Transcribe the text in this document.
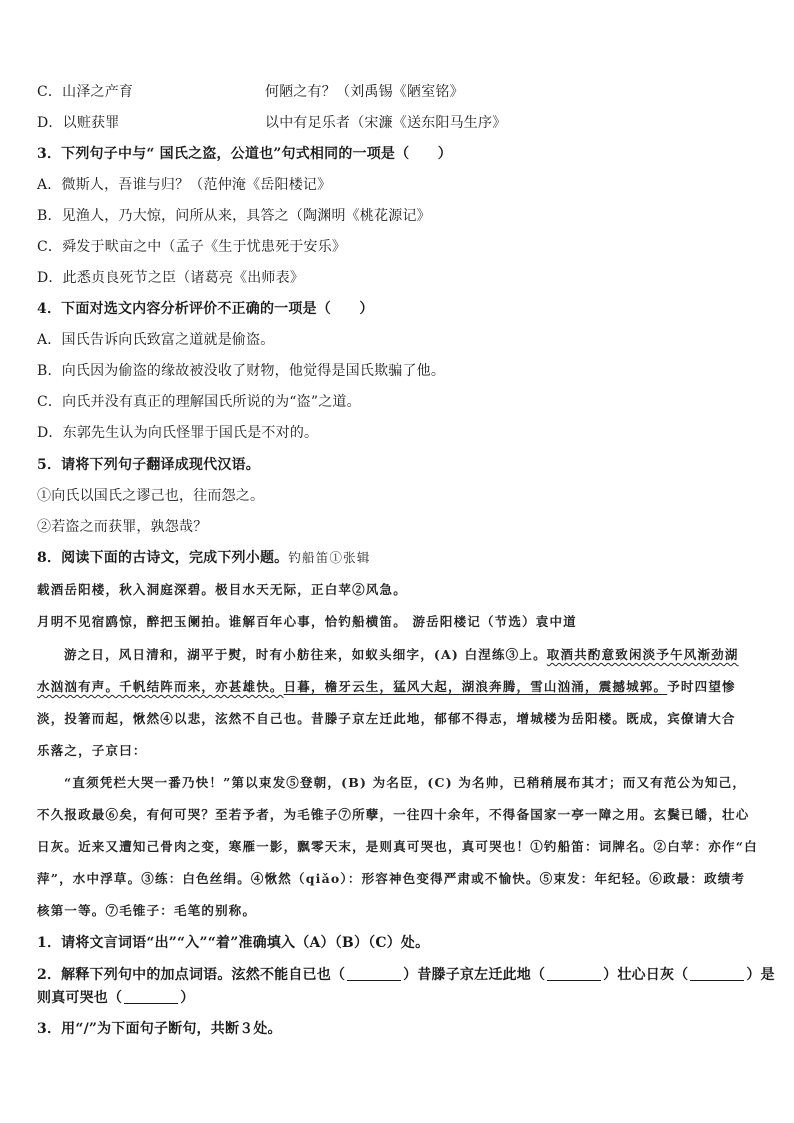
C．山泽之产育	何陋之有？（刘禹锡《陋室铭》
D．以赃获罪	以中有足乐者（宋濂《送东阳马生序》
3．下列句子中与“ 国氏之盗，公道也”句式相同的一项是（　　）
A．微斯人，吾谁与归？（范仲淹《岳阳楼记》
B．见渔人，乃大惊，问所从来，具答之（陶渊明《桃花源记》
C．舜发于畎亩之中（孟子《生于忧患死于安乐》
D．此悉贞良死节之臣（诸葛亮《出师表》
4．下面对选文内容分析评价不正确的一项是（　　）
A．国氏告诉向氏致富之道就是偷盗。
B．向氏因为偷盗的缘故被没收了财物，他觉得是国氏欺骗了他。
C．向氏并没有真正的理解国氏所说的为“盗”之道。
D．东郭先生认为向氏怪罪于国氏是不对的。
5．请将下列句子翻译成现代汉语。
①向氏以国氏之谬己也，往而怨之。
②若盗之而获罪，孰怨哉？
8．阅读下面的古诗文，完成下列小题。钓船笛①张辑
载酒岳阳楼，秋入洞庭深碧。极目水天无际，正白苹②风急。
月明不见宿鸥惊，醉把玉阑拍。谁解百年心事，恰钓船横笛。 游岳阳楼记（节选）袁中道
游之日，风日清和，湖平于熨，时有小舫往来，如蚁头细字，(A) 白涅练③上。取酒共酌意致闲淡予午风渐劲湖
水汹汹有声。千帆结阵而来，亦甚雄快。日暮，檐牙云生，猛风大起，湖浪奔腾，雪山汹涌，震撼城郭。予时四望惨
淡，投箸而起，愀然④以悲，泫然不自己也。昔滕子京左迁此地，郁郁不得志，增城楼为岳阳楼。既成，宾僚请大合
乐落之，子京曰：
“直须凭栏大哭一番乃快！”第以束发⑤登朝，(B) 为名臣，(C) 为名帅，已稍稍展布其才；而又有范公为知己，
不久报政最⑥矣，有何可哭？至若予者，为毛锥子⑦所孽，一往四十余年，不得备国家一亭一障之用。玄鬓已皤，壮心
日灰。近来又遭知己骨肉之变，寒雁一影，飘零天末，是则真可哭也，真可哭也！①钓船笛：词牌名。②白苹：亦作“白
萍”，水中浮草。③练：白色丝绢。④愀然（qiǎo）：形容神色变得严肃或不愉快。⑤束发：年纪轻。⑥政最：政绩考
核第一等。⑦毛锥子：毛笔的别称。
1．请将文言词语“出”“入”“着”准确填入（A）（B）（C）处。
2．解释下列句中的加点词语。泫然不能自已也（	）昔滕子京左迁此地（	）壮心日灰（	）是
则真可哭也（	）
3．用“/”为下面句子断句，共断３处。
